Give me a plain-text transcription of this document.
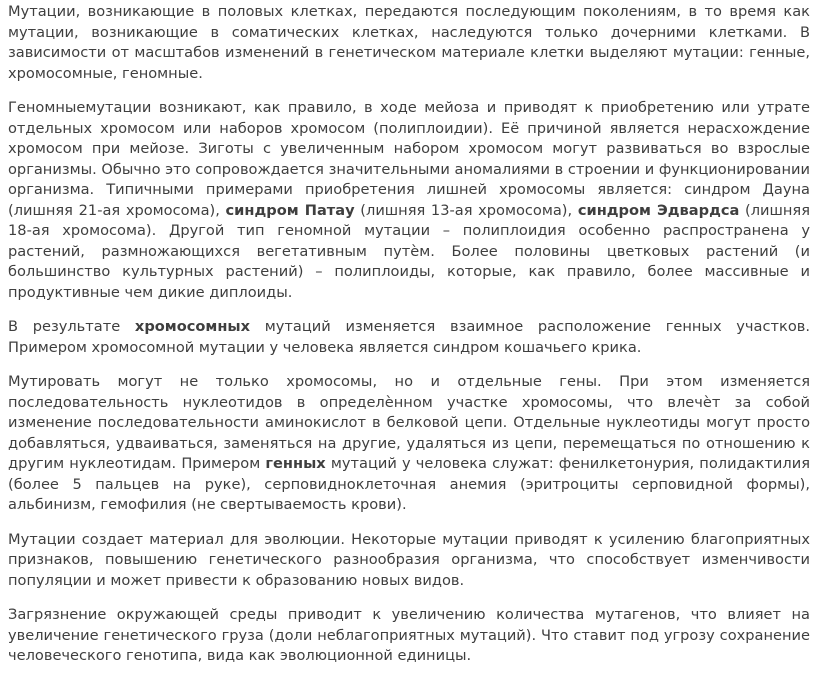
Мутации, возникающие в половых клетках, передаются последующим поколениям, в то время как мутации, возникающие в соматических клетках, наследуются только дочерними клетками. В зависимости от масштабов изменений в генетическом материале клетки выделяют мутации: генные, хромосомные, геномные.

Геномныемутации возникают, как правило, в ходе мейоза и приводят к приобретению или утрате отдельных хромосом или наборов хромосом (полиплоидии). Её причиной является нерасхождение хромосом при мейозе. Зиготы с увеличенным набором хромосом могут развиваться во взрослые организмы. Обычно это сопровождается значительными аномалиями в строении и функционировании организма. Типичными примерами приобретения лишней хромосомы является: синдром Дауна (лишняя 21-ая хромосома), синдром Патау (лишняя 13-ая хромосома), синдром Эдвардса (лишняя 18-ая хромосома). Другой тип геномной мутации – полиплоидия особенно распространена у растений, размножающихся вегетативным путѐм. Более половины цветковых растений (и большинство культурных растений) – полиплоиды, которые, как правило, более массивные и продуктивные чем дикие диплоиды.

В результате хромосомных мутаций изменяется взаимное расположение генных участков. Примером хромосомной мутации у человека является синдром кошачьего крика.

Мутировать могут не только хромосомы, но и отдельные гены. При этом изменяется последовательность нуклеотидов в определѐнном участке хромосомы, что влечѐт за собой изменение последовательности аминокислот в белковой цепи. Отдельные нуклеотиды могут просто добавляться, удваиваться, заменяться на другие, удаляться из цепи, перемещаться по отношению к другим нуклеотидам. Примером генных мутаций у человека служат: фенилкетонурия, полидактилия (более 5 пальцев на руке), серповидноклеточная анемия (эритроциты серповидной формы), альбинизм, гемофилия (не свертываемость крови).

Мутации создает материал для эволюции. Некоторые мутации приводят к усилению благоприятных признаков, повышению генетического разнообразия организма, что способствует изменчивости популяции и может привести к образованию новых видов.

Загрязнение окружающей среды приводит к увеличению количества мутагенов, что влияет на увеличение генетического груза (доли неблагоприятных мутаций). Что ставит под угрозу сохранение человеческого генотипа, вида как эволюционной единицы.
